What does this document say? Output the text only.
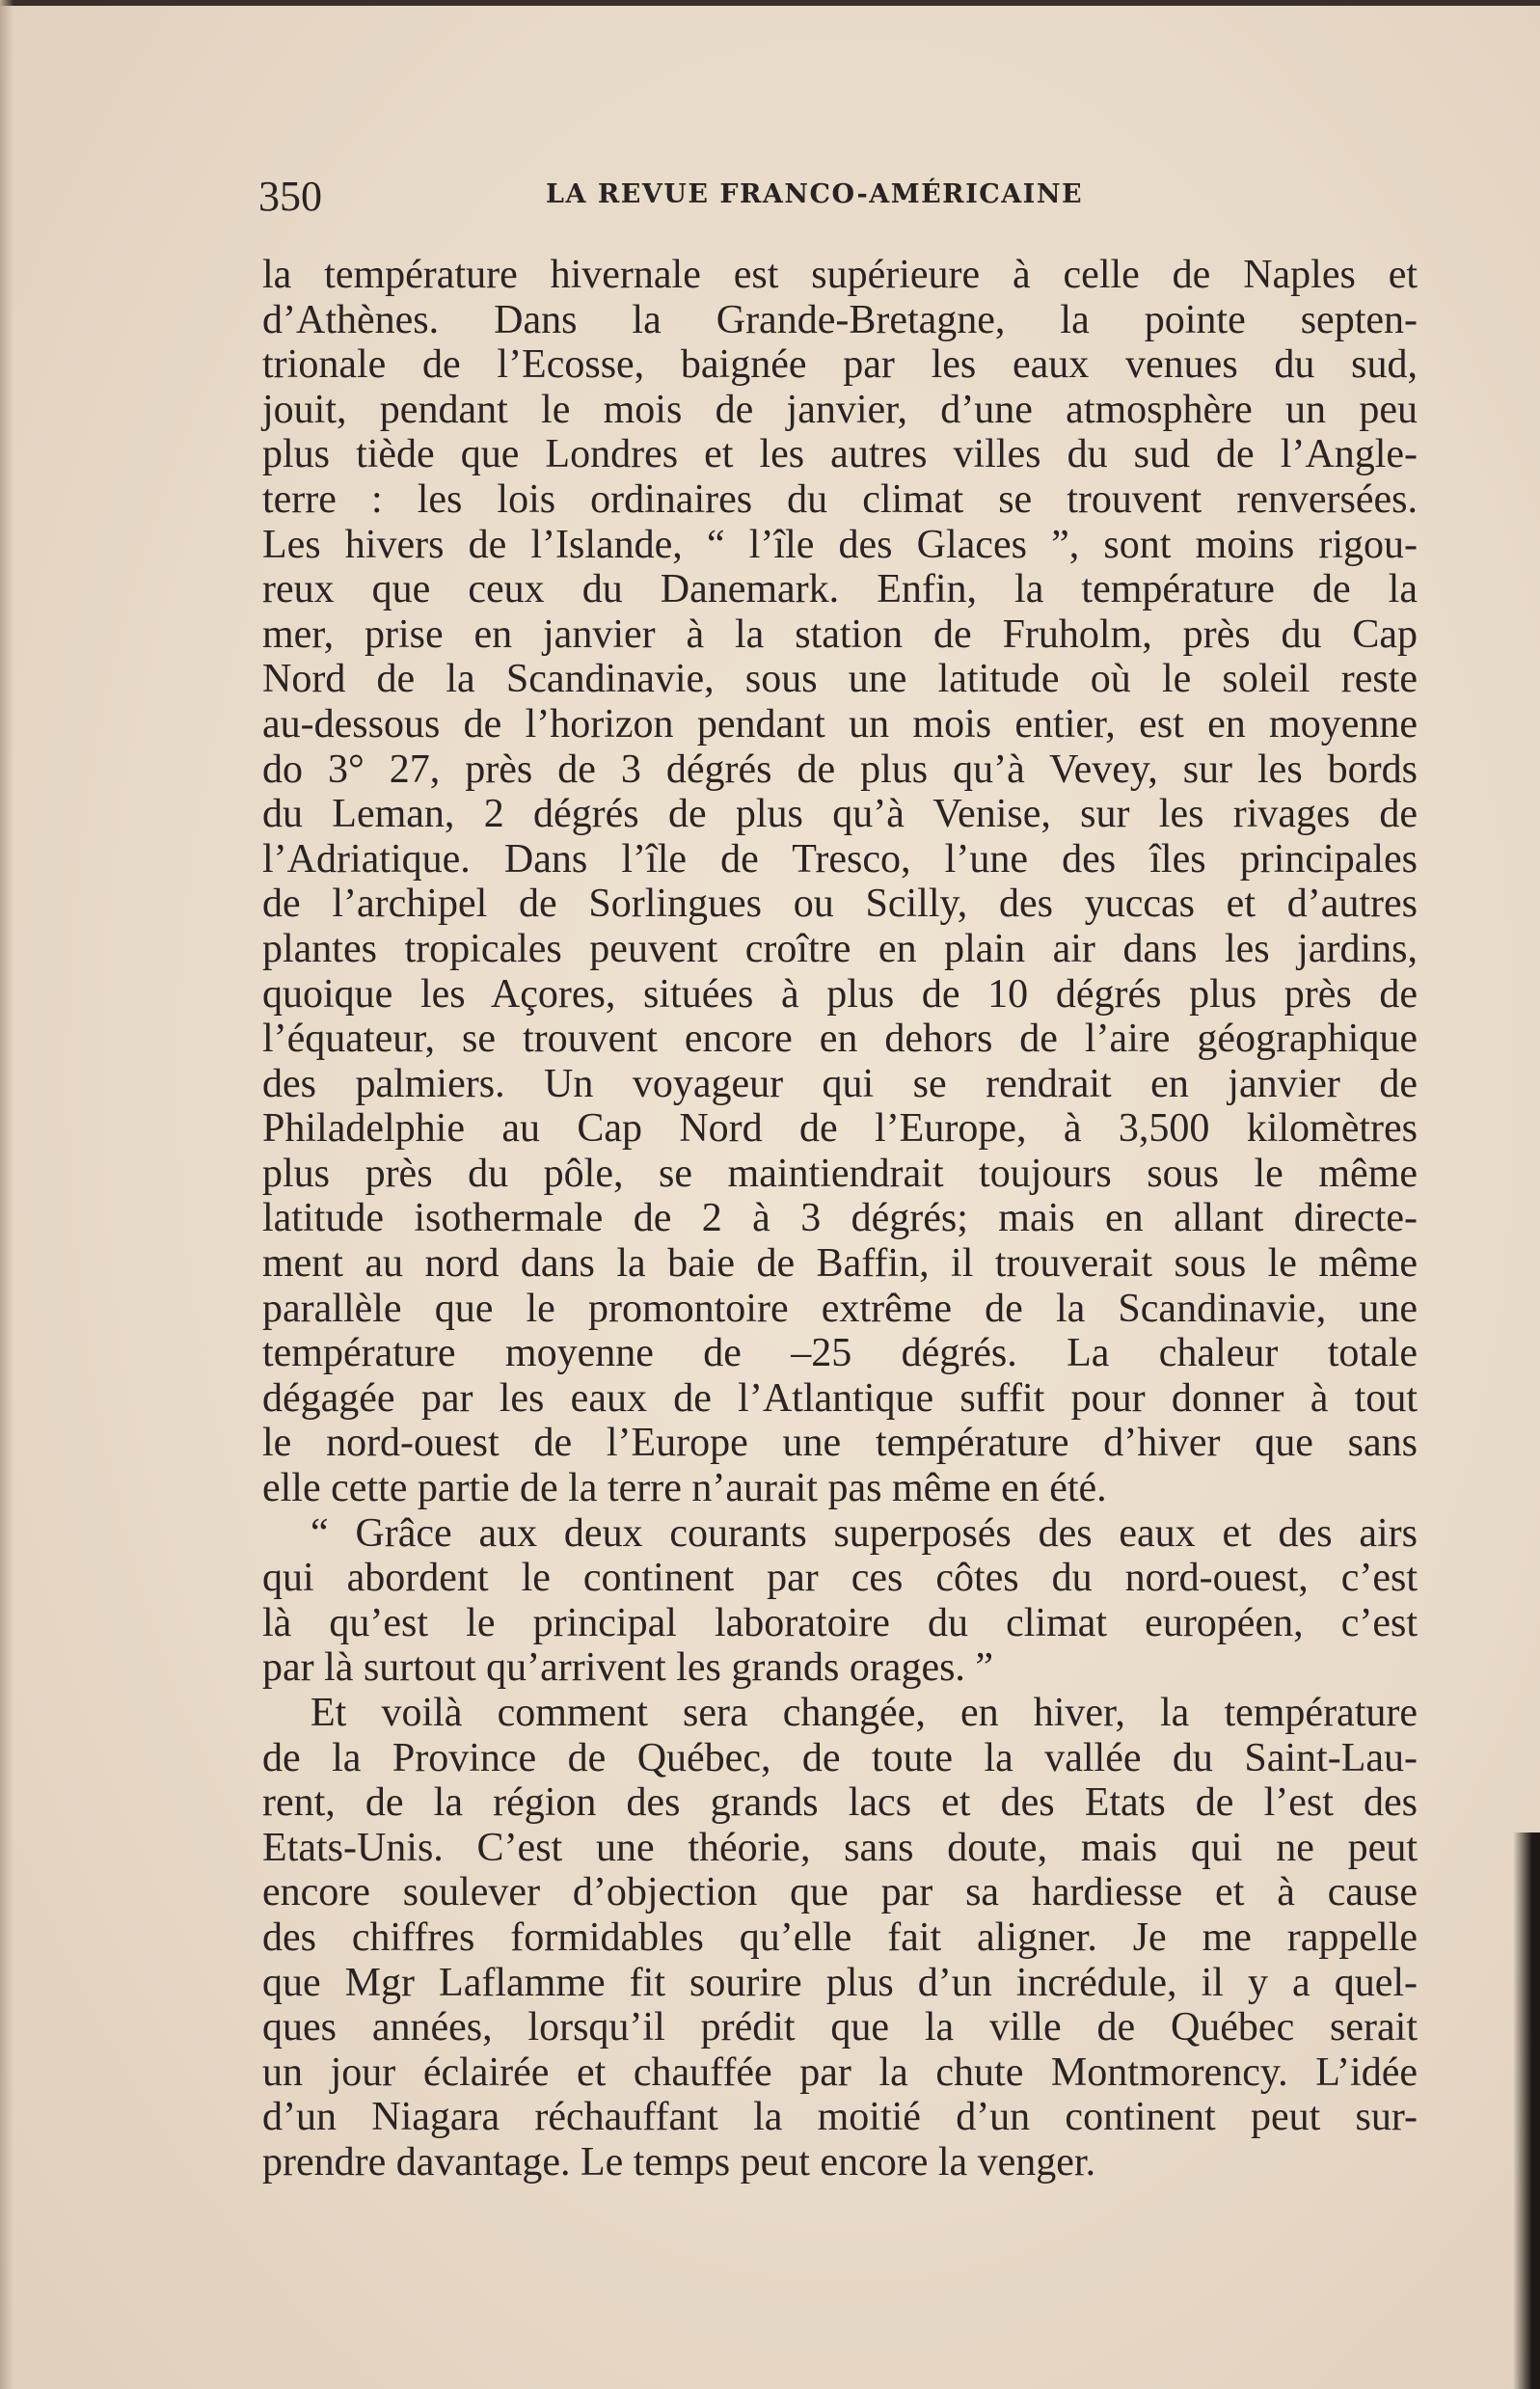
350	LA REVUE FRANCO-AMÉRICAINE
la température hivernale est supérieure à celle de Naples et
d’Athènes. Dans la Grande-Bretagne, la pointe septen-
trionale de l’Ecosse, baignée par les eaux venues du sud,
jouit, pendant le mois de janvier, d’une atmosphère un peu
plus tiède que Londres et les autres villes du sud de l’Angle-
terre : les lois ordinaires du climat se trouvent renversées.
Les hivers de l’Islande, “ l’île des Glaces ”, sont moins rigou-
reux que ceux du Danemark. Enfin, la température de la
mer, prise en janvier à la station de Fruholm, près du Cap
Nord de la Scandinavie, sous une latitude où le soleil reste
au-dessous de l’horizon pendant un mois entier, est en moyenne
do 3° 27, près de 3 dégrés de plus qu’à Vevey, sur les bords
du Leman, 2 dégrés de plus qu’à Venise, sur les rivages de
l’Adriatique. Dans l’île de Tresco, l’une des îles principales
de l’archipel de Sorlingues ou Scilly, des yuccas et d’autres
plantes tropicales peuvent croître en plain air dans les jardins,
quoique les Açores, situées à plus de 10 dégrés plus près de
l’équateur, se trouvent encore en dehors de l’aire géographique
des palmiers. Un voyageur qui se rendrait en janvier de
Philadelphie au Cap Nord de l’Europe, à 3,500 kilomètres
plus près du pôle, se maintiendrait toujours sous le même
latitude isothermale de 2 à 3 dégrés; mais en allant directe-
ment au nord dans la baie de Baffin, il trouverait sous le même
parallèle que le promontoire extrême de la Scandinavie, une
température moyenne de –25 dégrés. La chaleur totale
dégagée par les eaux de l’Atlantique suffit pour donner à tout
le nord-ouest de l’Europe une température d’hiver que sans
elle cette partie de la terre n’aurait pas même en été.
“ Grâce aux deux courants superposés des eaux et des airs
qui abordent le continent par ces côtes du nord-ouest, c’est
là qu’est le principal laboratoire du climat européen, c’est
par là surtout qu’arrivent les grands orages. ”
Et voilà comment sera changée, en hiver, la température
de la Province de Québec, de toute la vallée du Saint-Lau-
rent, de la région des grands lacs et des Etats de l’est des
Etats-Unis. C’est une théorie, sans doute, mais qui ne peut
encore soulever d’objection que par sa hardiesse et à cause
des chiffres formidables qu’elle fait aligner. Je me rappelle
que Mgr Laflamme fit sourire plus d’un incrédule, il y a quel-
ques années, lorsqu’il prédit que la ville de Québec serait
un jour éclairée et chauffée par la chute Montmorency. L’idée
d’un Niagara réchauffant la moitié d’un continent peut sur-
prendre davantage. Le temps peut encore la venger.
